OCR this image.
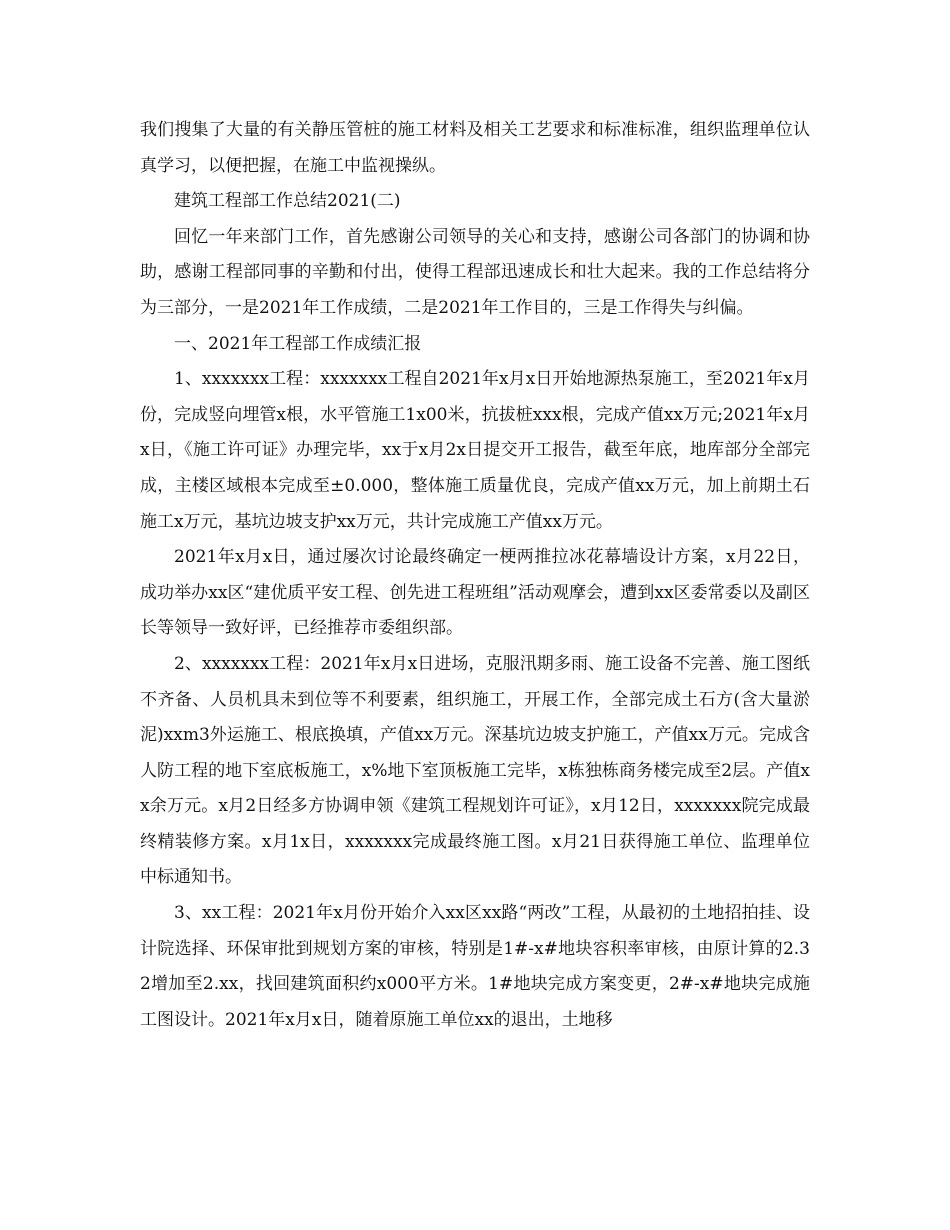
我们搜集了大量的有关静压管桩的施工材料及相关工艺要求和标准标准，组织监理单位认真学习，以便把握，在施工中监视操纵。

建筑工程部工作总结2021(二)

回忆一年来部门工作，首先感谢公司领导的关心和支持，感谢公司各部门的协调和协助，感谢工程部同事的辛勤和付出，使得工程部迅速成长和壮大起来。我的工作总结将分为三部分，一是2021年工作成绩，二是2021年工作目的，三是工作得失与纠偏。

一、2021年工程部工作成绩汇报

1、xxxxxxx工程：xxxxxxx工程自2021年x月x日开始地源热泵施工，至2021年x月份，完成竖向埋管x根，水平管施工1x00米，抗拔桩xxx根，完成产值xx万元;2021年x月x日，《施工许可证》办理完毕，xx于x月2x日提交开工报告，截至年底，地库部分全部完成，主楼区域根本完成至±0.000，整体施工质量优良，完成产值xx万元，加上前期土石施工x万元，基坑边坡支护xx万元，共计完成施工产值xx万元。

2021年x月x日，通过屡次讨论最终确定一梗两推拉冰花幕墙设计方案，x月22日，成功举办xx区“建优质平安工程、创先进工程班组”活动观摩会，遭到xx区委常委以及副区长等领导一致好评，已经推荐市委组织部。

2、xxxxxxx工程：2021年x月x日进场，克服汛期多雨、施工设备不完善、施工图纸不齐备、人员机具未到位等不利要素，组织施工，开展工作，全部完成土石方(含大量淤泥)xxm3外运施工、根底换填，产值xx万元。深基坑边坡支护施工，产值xx万元。完成含人防工程的地下室底板施工，x%地下室顶板施工完毕，x栋独栋商务楼完成至2层。产值xx余万元。x月2日经多方协调申领《建筑工程规划许可证》，x月12日，xxxxxxx院完成最终精装修方案。x月1x日，xxxxxxx完成最终施工图。x月21日获得施工单位、监理单位中标通知书。

3、xx工程：2021年x月份开始介入xx区xx路“两改”工程，从最初的土地招拍挂、设计院选择、环保审批到规划方案的审核，特别是1#-x#地块容积率审核，由原计算的2.32增加至2.xx，找回建筑面积约x000平方米。1#地块完成方案变更，2#-x#地块完成施工图设计。2021年x月x日，随着原施工单位xx的退出，土地移
